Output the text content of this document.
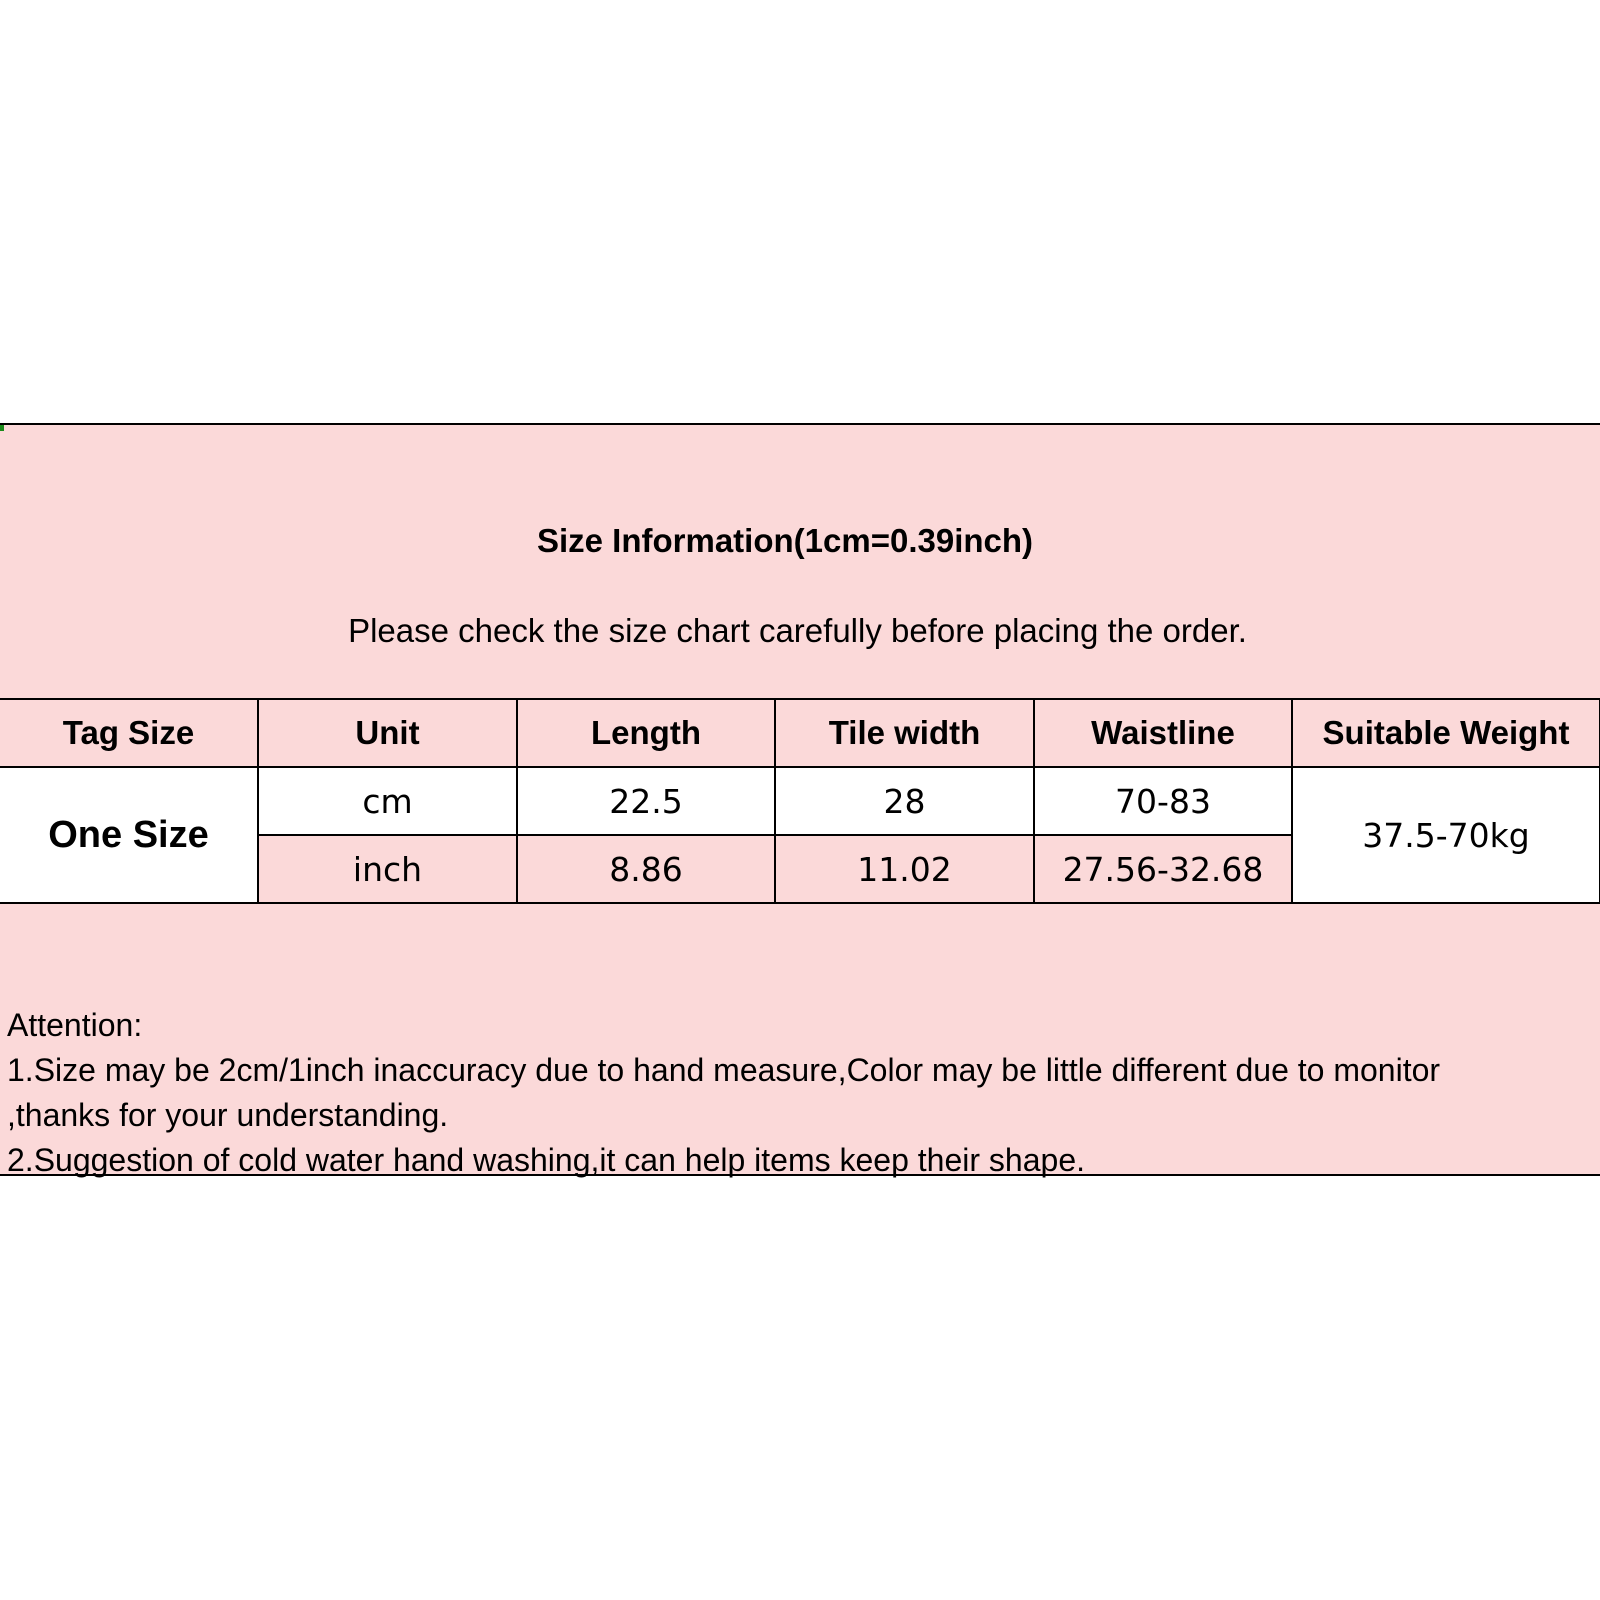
Size Information(1cm=0.39inch)
Please check the size chart carefully before placing the order.
Tag Size	Unit	Length	Tile width	Waistline	Suitable Weight
One Size	cm	22.5	28	70-83	37.5-70kg
	inch	8.86	11.02	27.56-32.68	
Attention:
1.Size may be 2cm/1inch inaccuracy due to hand measure,Color may be little different due to monitor
,thanks for your understanding.
2.Suggestion of cold water hand washing,it can help items keep their shape.
